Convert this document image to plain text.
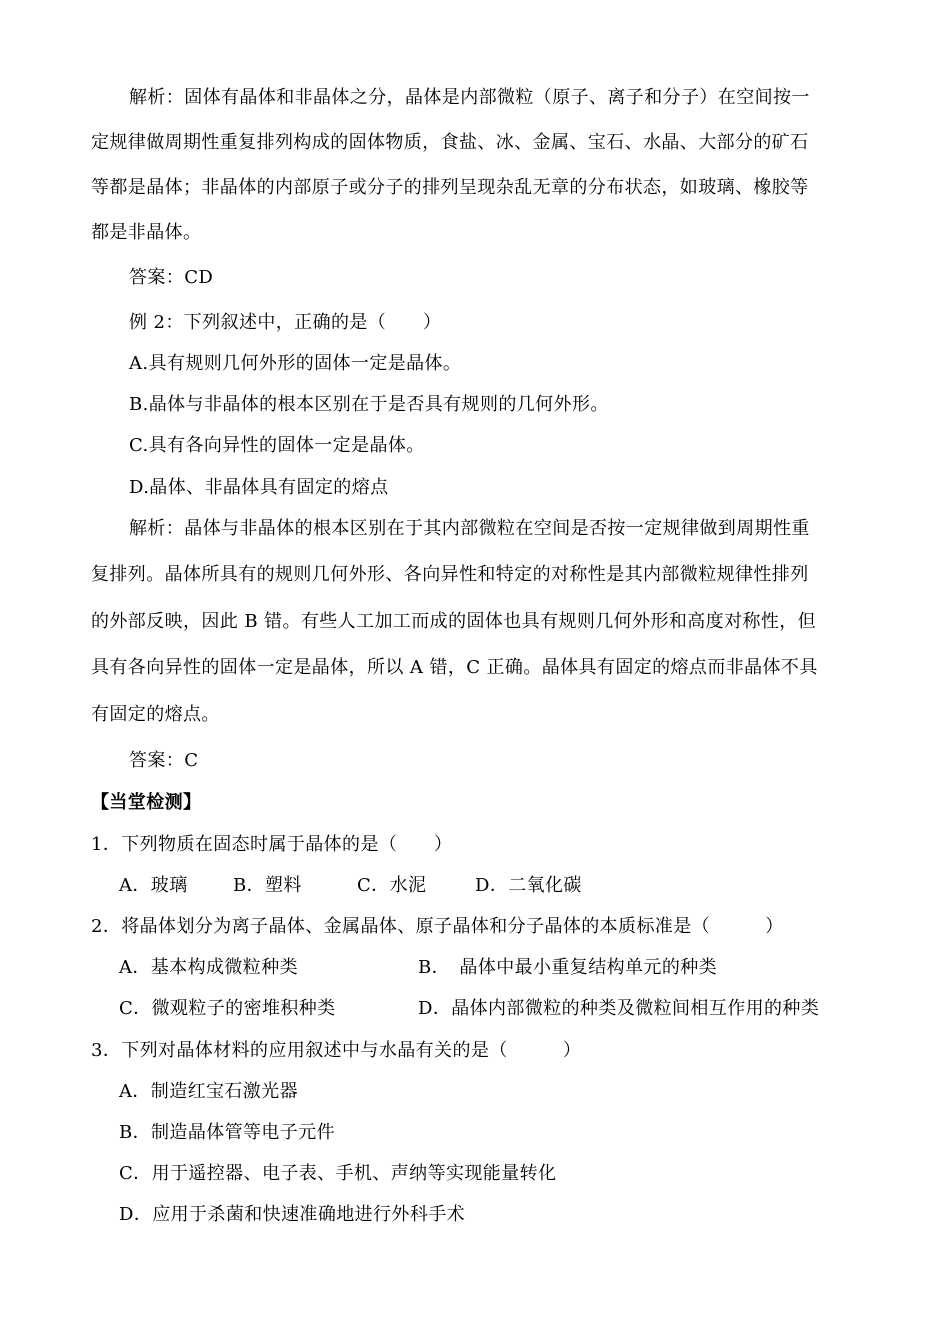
解析：固体有晶体和非晶体之分，晶体是内部微粒（原子、离子和分子）在空间按一
定规律做周期性重复排列构成的固体物质，食盐、冰、金属、宝石、水晶、大部分的矿石
等都是晶体；非晶体的内部原子或分子的排列呈现杂乱无章的分布状态，如玻璃、橡胶等
都是非晶体。
答案：CD
例 2：下列叙述中，正确的是（　　）
A.具有规则几何外形的固体一定是晶体。
B.晶体与非晶体的根本区别在于是否具有规则的几何外形。
C.具有各向异性的固体一定是晶体。
D.晶体、非晶体具有固定的熔点
解析：晶体与非晶体的根本区别在于其内部微粒在空间是否按一定规律做到周期性重
复排列。晶体所具有的规则几何外形、各向异性和特定的对称性是其内部微粒规律性排列
的外部反映，因此 B 错。有些人工加工而成的固体也具有规则几何外形和高度对称性，但
具有各向异性的固体一定是晶体，所以 A 错，C 正确。晶体具有固定的熔点而非晶体不具
有固定的熔点。
答案：C
【当堂检测】
1．下列物质在固态时属于晶体的是（　　）
A．玻璃	B．塑料	C．水泥	D．二氧化碳
2．将晶体划分为离子晶体、金属晶体、原子晶体和分子晶体的本质标准是（　　　）
A．基本构成微粒种类	B．　晶体中最小重复结构单元的种类
C．微观粒子的密堆积种类	D．晶体内部微粒的种类及微粒间相互作用的种类
3．下列对晶体材料的应用叙述中与水晶有关的是（　　　）
A．制造红宝石激光器
B．制造晶体管等电子元件
C．用于遥控器、电子表、手机、声纳等实现能量转化
D．应用于杀菌和快速准确地进行外科手术
